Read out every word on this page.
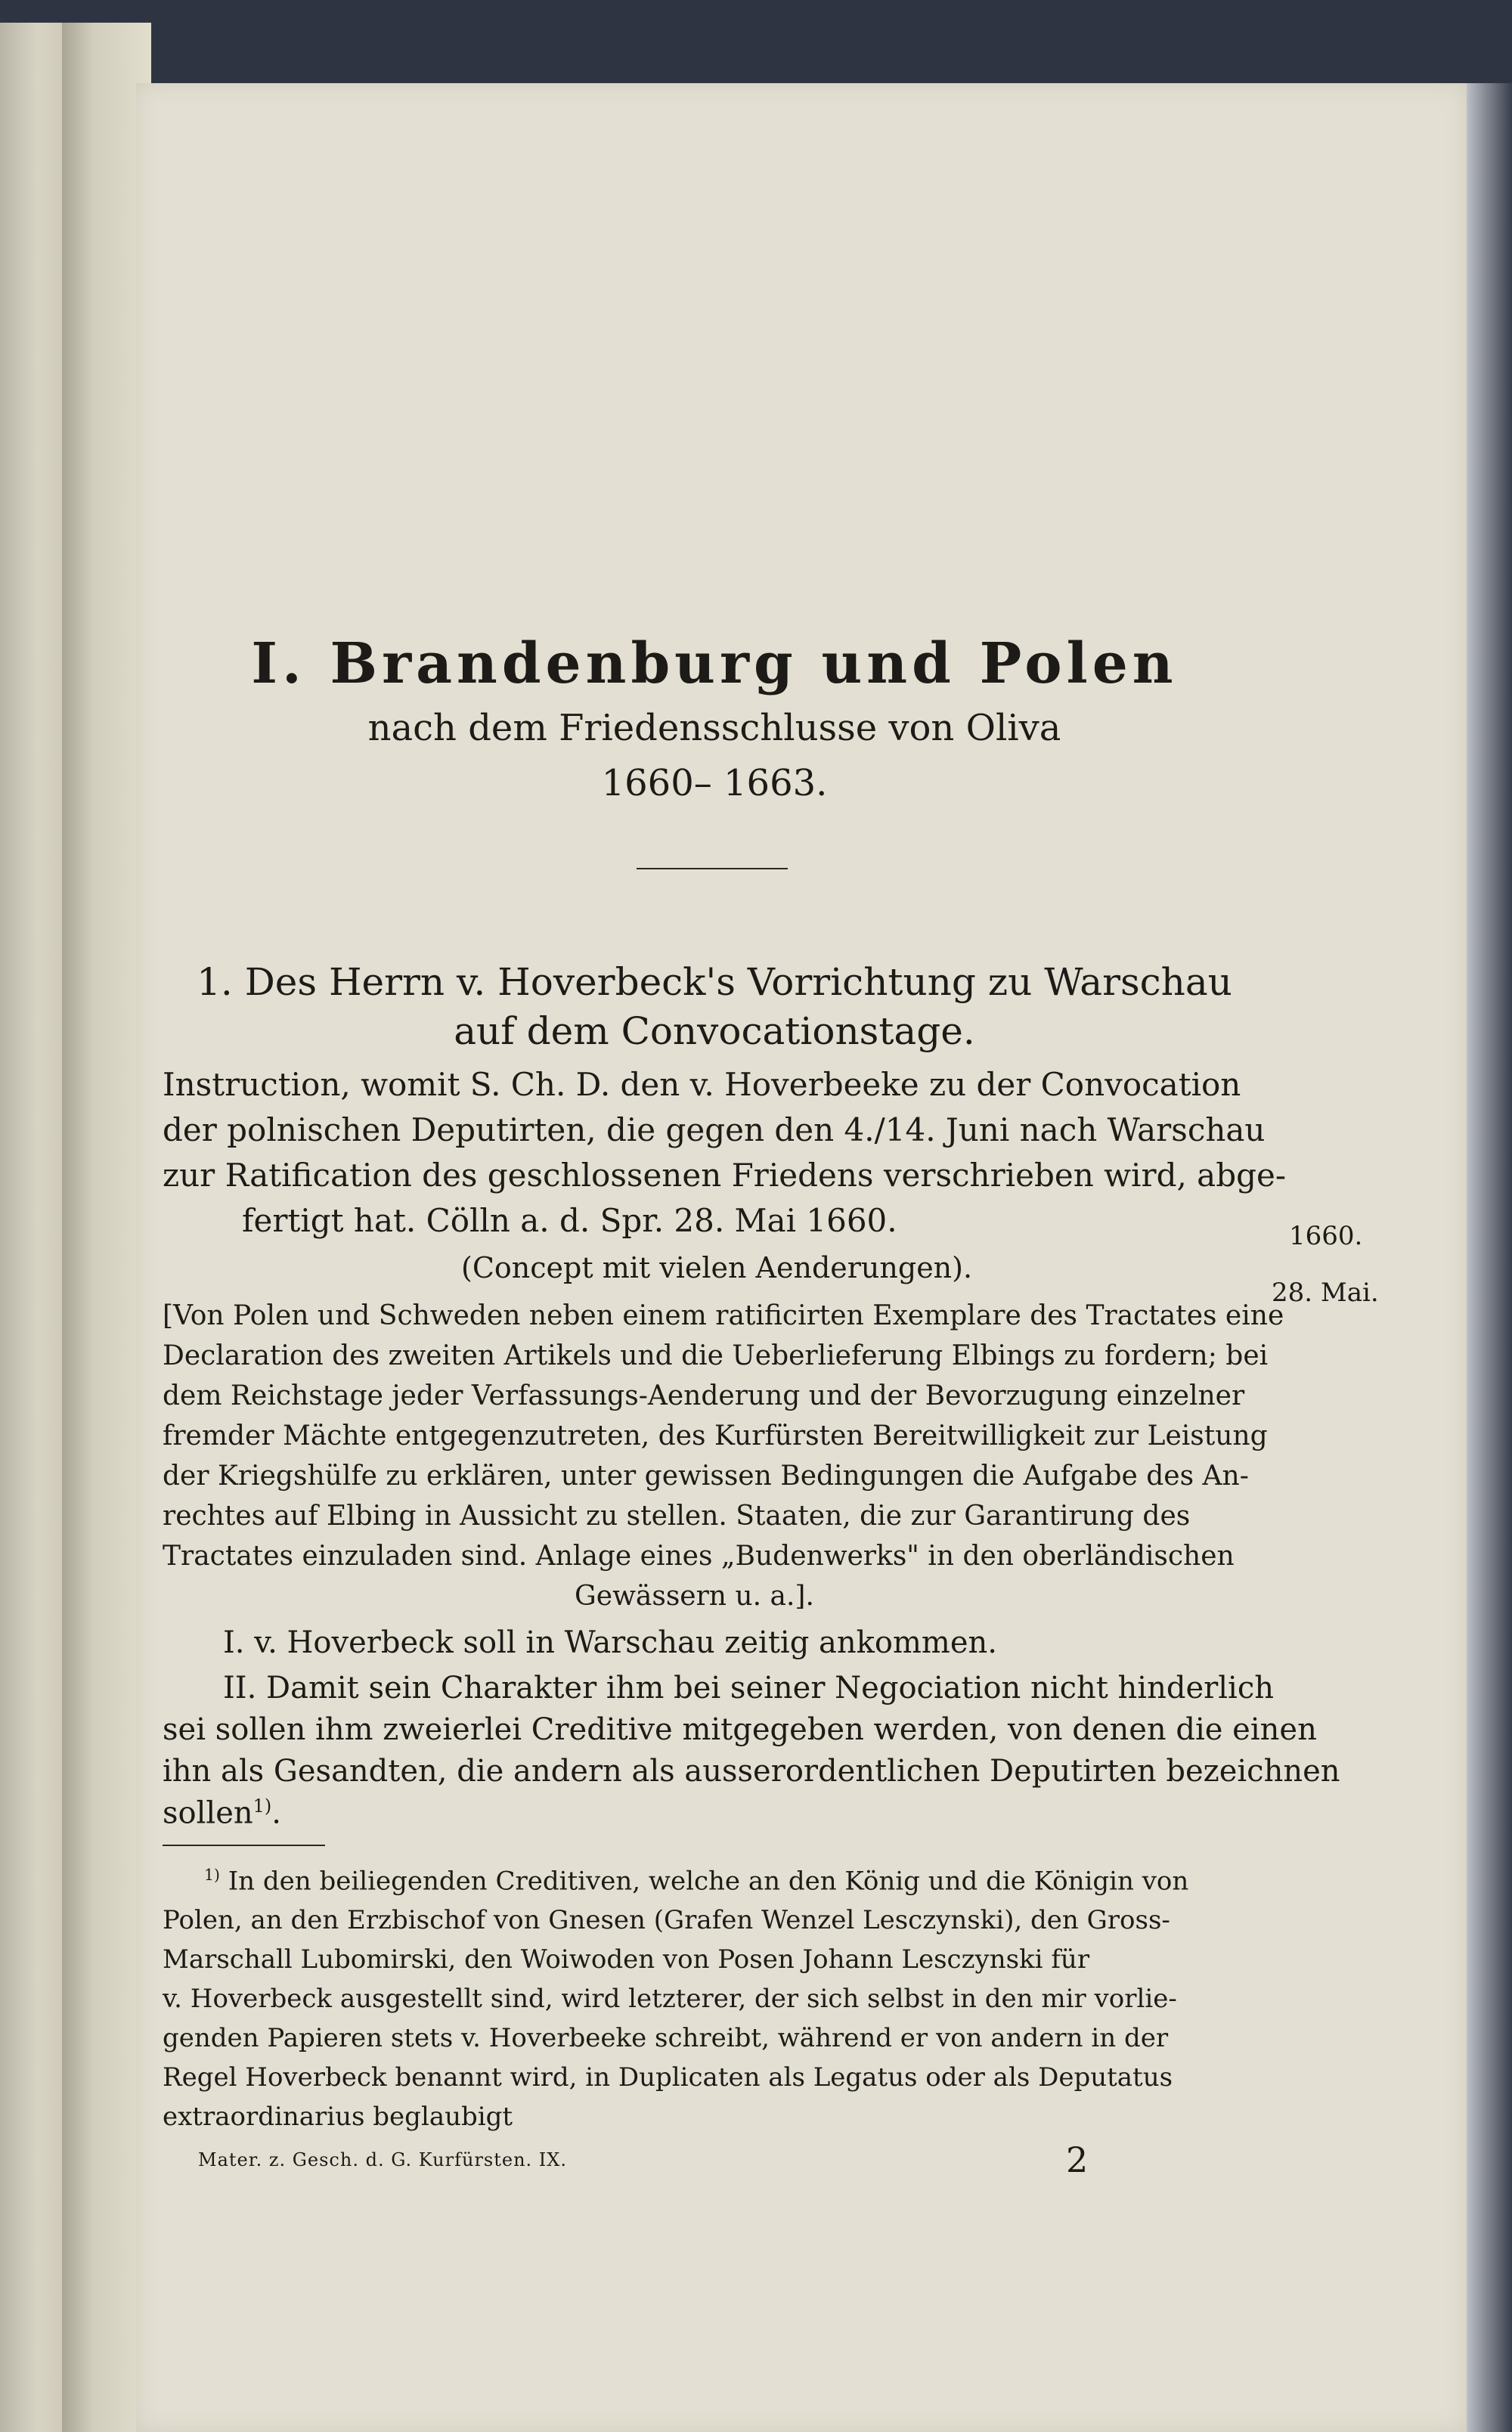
I. Brandenburg und Polen
nach dem Friedensschlusse von Oliva
1660– 1663.
1. Des Herrn v. Hoverbeck's Vorrichtung zu Warschau
auf dem Convocationstage.
Instruction, womit S. Ch. D. den v. Hoverbeeke zu der Convocation
der polnischen Deputirten, die gegen den 4./14. Juni nach Warschau
zur Ratification des geschlossenen Friedens verschrieben wird, abge-
fertigt hat. Cölln a. d. Spr. 28. Mai 1660.
(Concept mit vielen Aenderungen).
1660.
28. Mai.
[Von Polen und Schweden neben einem ratificirten Exemplare des Tractates eine
Declaration des zweiten Artikels und die Ueberlieferung Elbings zu fordern; bei
dem Reichstage jeder Verfassungs-Aenderung und der Bevorzugung einzelner
fremder Mächte entgegenzutreten, des Kurfürsten Bereitwilligkeit zur Leistung
der Kriegshülfe zu erklären, unter gewissen Bedingungen die Aufgabe des An-
rechtes auf Elbing in Aussicht zu stellen. Staaten, die zur Garantirung des
Tractates einzuladen sind. Anlage eines „Budenwerks" in den oberländischen
Gewässern u. a.].
I. v. Hoverbeck soll in Warschau zeitig ankommen.
II. Damit sein Charakter ihm bei seiner Negociation nicht hinderlich
sei sollen ihm zweierlei Creditive mitgegeben werden, von denen die einen
ihn als Gesandten, die andern als ausserordentlichen Deputirten bezeichnen
sollen$^{1)}$.
$^{1)}$ In den beiliegenden Creditiven, welche an den König und die Königin von
Polen, an den Erzbischof von Gnesen (Grafen Wenzel Lesczynski), den Gross-
Marschall Lubomirski, den Woiwoden von Posen Johann Lesczynski für
v. Hoverbeck ausgestellt sind, wird letzterer, der sich selbst in den mir vorlie-
genden Papieren stets v. Hoverbeeke schreibt, während er von andern in der
Regel Hoverbeck benannt wird, in Duplicaten als Legatus oder als Deputatus
extraordinarius beglaubigt
Mater. z. Gesch. d. G. Kurfürsten. IX.	2
